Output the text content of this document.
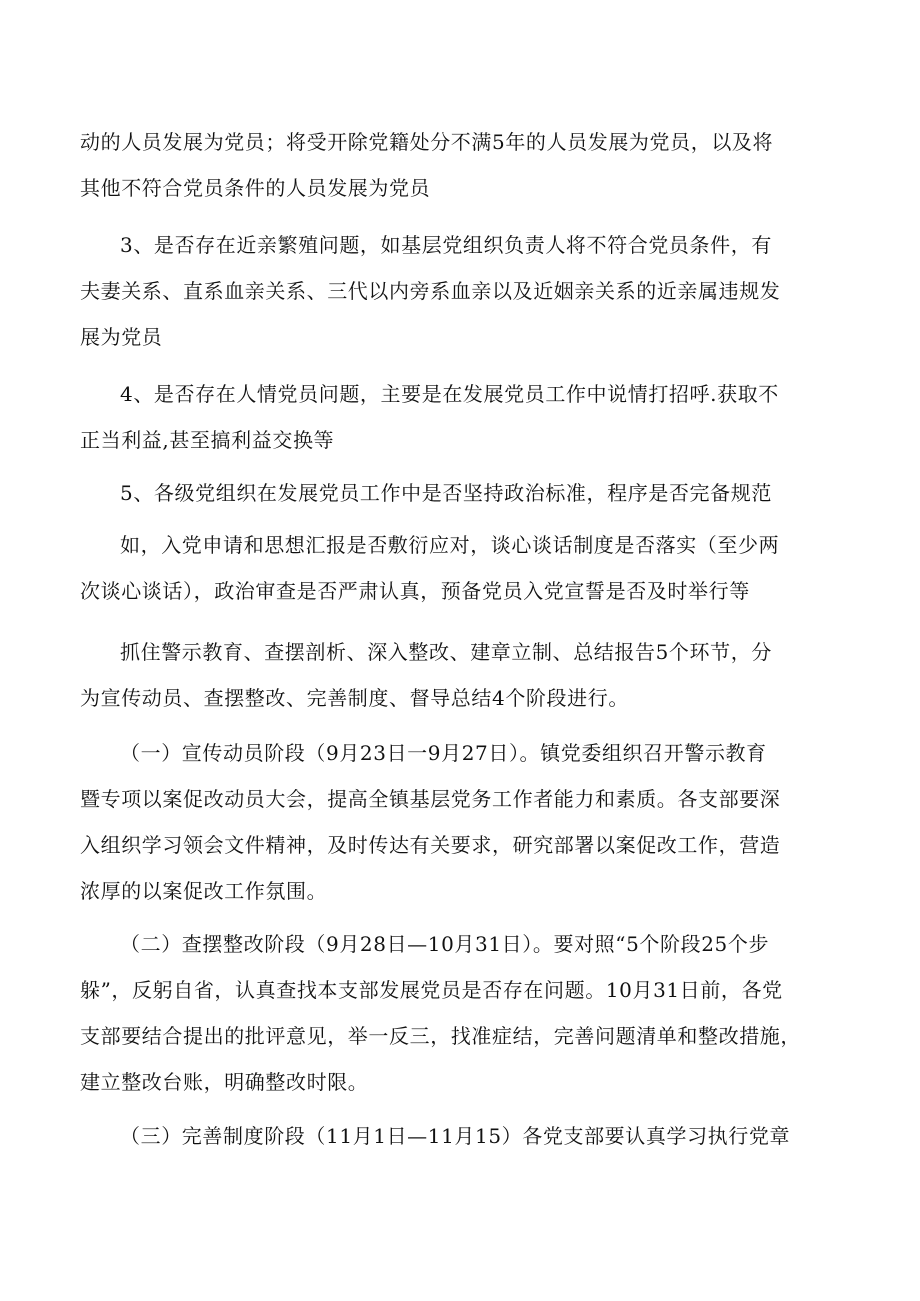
动的人员发展为党员；将受开除党籍处分不满5年的人员发展为党员，以及将
其他不符合党员条件的人员发展为党员
3、是否存在近亲繁殖问题，如基层党组织负责人将不符合党员条件，有
夫妻关系、直系血亲关系、三代以内旁系血亲以及近姻亲关系的近亲属违规发
展为党员
4、是否存在人情党员问题，主要是在发展党员工作中说情打招呼.获取不
正当利益,甚至搞利益交换等
5、各级党组织在发展党员工作中是否坚持政治标准，程序是否完备规范
如，入党申请和思想汇报是否敷衍应对，谈心谈话制度是否落实（至少两
次谈心谈话），政治审查是否严肃认真，预备党员入党宣誓是否及时举行等
抓住警示教育、查摆剖析、深入整改、建章立制、总结报告5个环节，分
为宣传动员、查摆整改、完善制度、督导总结4个阶段进行。
（一）宣传动员阶段（9月23日一9月27日）。镇党委组织召开警示教育
暨专项以案促改动员大会，提高全镇基层党务工作者能力和素质。各支部要深
入组织学习领会文件精神，及时传达有关要求，研究部署以案促改工作，营造
浓厚的以案促改工作氛围。
（二）查摆整改阶段（9月28日—10月31日）。要对照“5个阶段25个步
躲”，反躬自省，认真查找本支部发展党员是否存在问题。10月31日前，各党
支部要结合提出的批评意见，举一反三，找准症结，完善问题清单和整改措施，
建立整改台账，明确整改时限。
（三）完善制度阶段（11月1日—11月15）各党支部要认真学习执行党章
